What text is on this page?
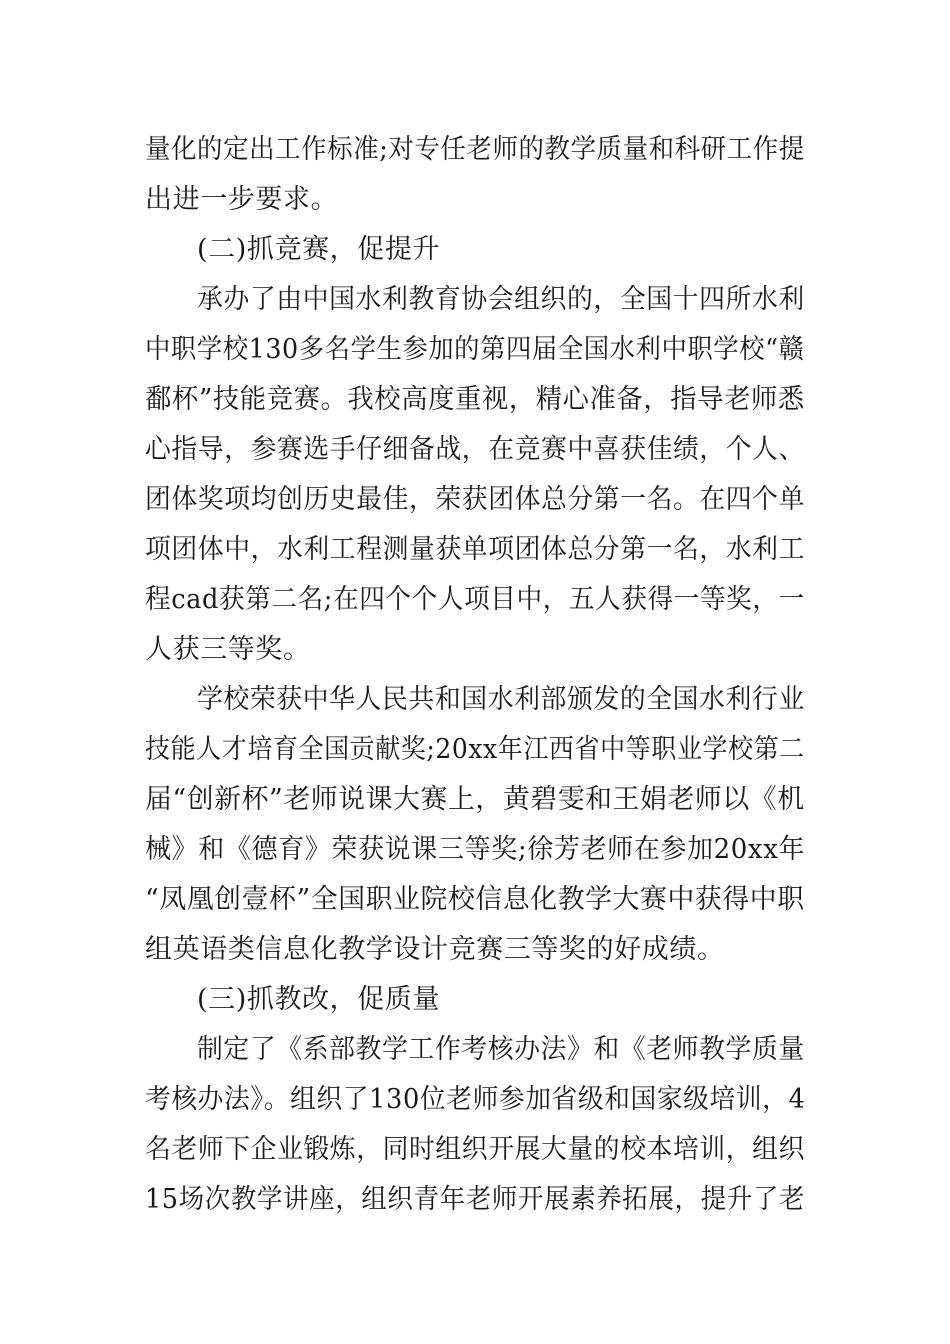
量化的定出工作标准;对专任老师的教学质量和科研工作提
出进一步要求。
(二)抓竞赛，促提升
承办了由中国水利教育协会组织的，全国十四所水利
中职学校130多名学生参加的第四届全国水利中职学校“赣
鄱杯”技能竞赛。我校高度重视，精心准备，指导老师悉
心指导，参赛选手仔细备战，在竞赛中喜获佳绩，个人、
团体奖项均创历史最佳，荣获团体总分第一名。在四个单
项团体中，水利工程测量获单项团体总分第一名，水利工
程cad获第二名;在四个个人项目中，五人获得一等奖，一
人获三等奖。
学校荣获中华人民共和国水利部颁发的全国水利行业
技能人才培育全国贡献奖;20xx年江西省中等职业学校第二
届“创新杯”老师说课大赛上，黄碧雯和王娟老师以《机
械》和《德育》荣获说课三等奖;徐芳老师在参加20xx年
“凤凰创壹杯”全国职业院校信息化教学大赛中获得中职
组英语类信息化教学设计竞赛三等奖的好成绩。
(三)抓教改，促质量
制定了《系部教学工作考核办法》和《老师教学质量
考核办法》。组织了130位老师参加省级和国家级培训，4
名老师下企业锻炼，同时组织开展大量的校本培训，组织
15场次教学讲座，组织青年老师开展素养拓展，提升了老
